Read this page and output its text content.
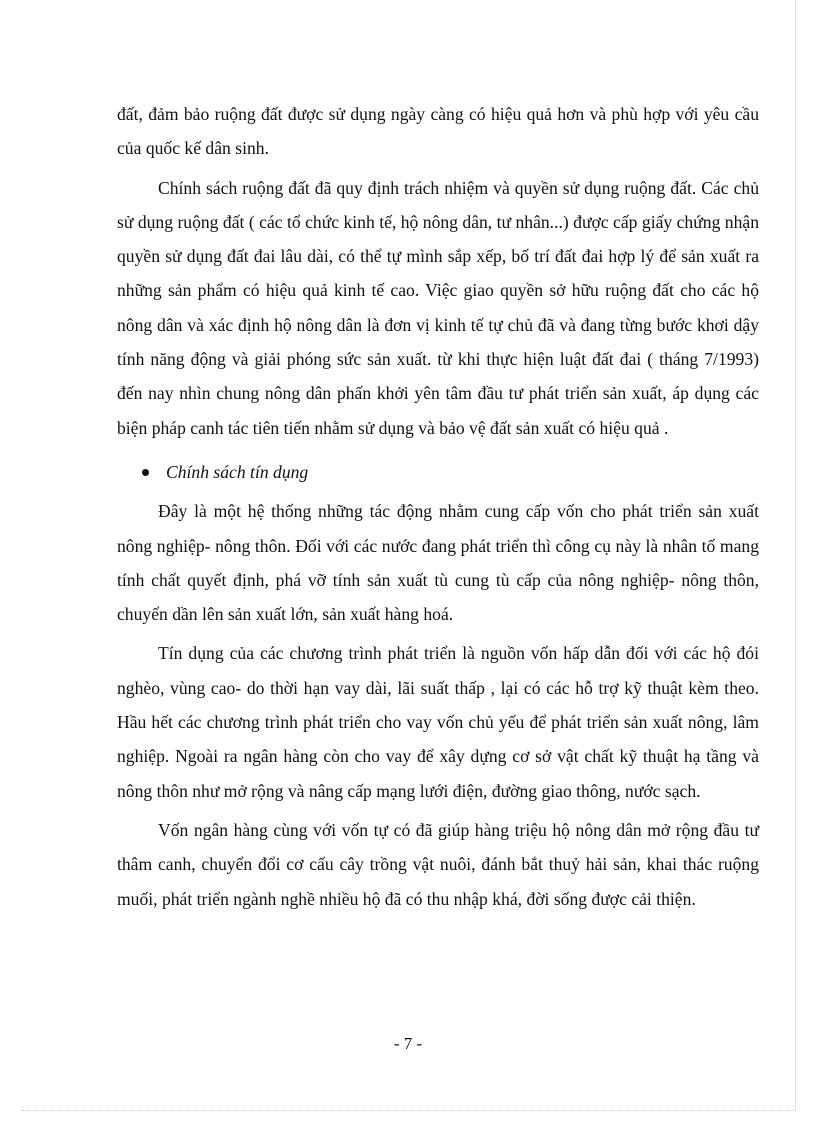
đất, đảm bảo ruộng đất được sử dụng ngày càng có hiệu quả hơn và phù hợp với yêu cầu của quốc kế dân sinh.

Chính sách ruộng đất đã quy định trách nhiệm và quyền sử dụng ruộng đất. Các chủ sử dụng ruộng đất ( các tổ chức kinh tế, hộ nông dân, tư nhân...) được cấp giấy chứng nhận quyền sử dụng đất đai lâu dài, có thể tự mình sắp xếp, bố trí đất đai hợp lý để sản xuất ra những sản phẩm có hiệu quả kinh tế cao. Việc giao quyền sở hữu ruộng đất cho các hộ nông dân và xác định hộ nông dân là đơn vị kinh tế tự chủ đã và đang từng bước khơi dậy tính năng động và giải phóng sức sản xuất. từ khi thực hiện luật đất đai ( tháng 7/1993) đến nay nhìn chung nông dân phấn khởi yên tâm đầu tư phát triển sản xuất, áp dụng các biện pháp canh tác tiên tiến nhằm sử dụng và bảo vệ đất sản xuất có hiệu quả .

Chính sách tín dụng

Đây là một hệ thống những tác động nhằm cung cấp vốn cho phát triển sản xuất nông nghiệp- nông thôn. Đối với các nước đang phát triển thì công cụ này là nhân tố mang tính chất quyết định, phá vỡ tính sản xuất tù cung tù cấp của nông nghiệp- nông thôn, chuyển dần lên sản xuất lớn, sản xuất hàng hoá.

Tín dụng của các chương trình phát triển là nguồn vốn hấp dẫn đối với các hộ đói nghèo, vùng cao- do thời hạn vay dài, lãi suất thấp , lại có các hỗ trợ kỹ thuật kèm theo. Hầu hết các chương trình phát triển cho vay vốn chủ yếu để phát triển sản xuất nông, lâm nghiệp. Ngoài ra ngân hàng còn cho vay để xây dựng cơ sở vật chất kỹ thuật hạ tầng và nông thôn như mở rộng và nâng cấp mạng lưới điện, đường giao thông, nước sạch.

Vốn ngân hàng cùng với vốn tự có đã giúp hàng triệu hộ nông dân mở rộng đầu tư thâm canh, chuyển đổi cơ cấu cây trồng vật nuôi, đánh bắt thuỷ hải sản, khai thác ruộng muối, phát triển ngành nghề nhiều hộ đã có thu nhập khá, đời sống được cải thiện.

- 7 -
